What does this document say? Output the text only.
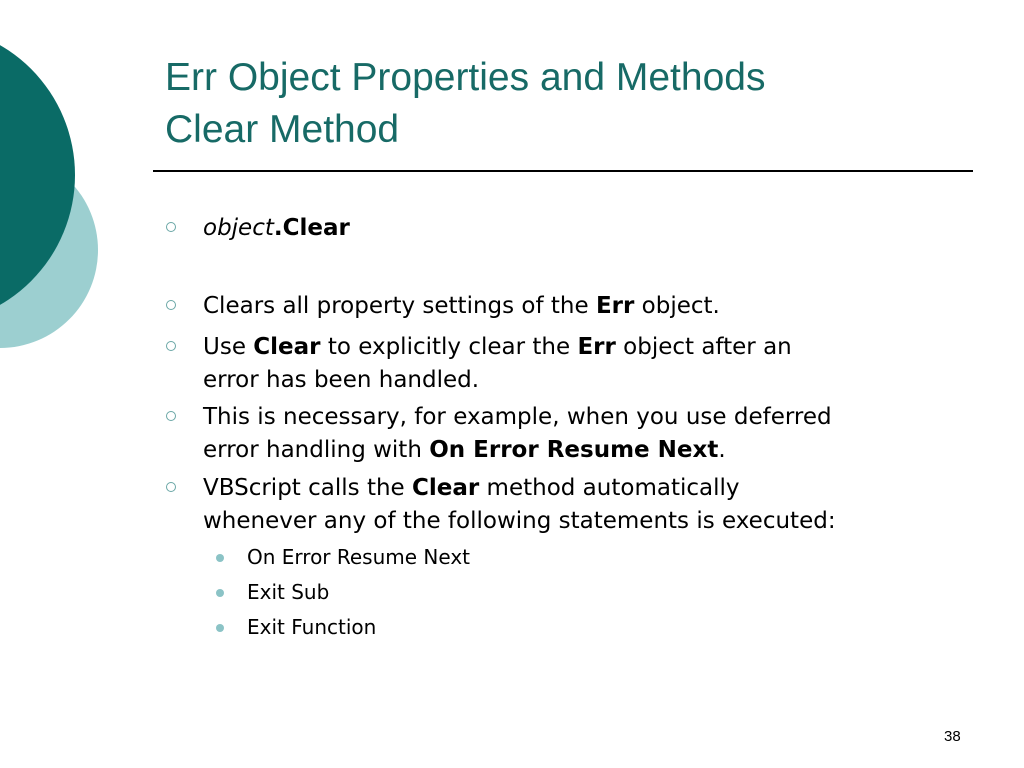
Err Object Properties and Methods
Clear Method
object.Clear
Clears all property settings of the Err object.
Use Clear to explicitly clear the Err object after an
error has been handled.
This is necessary, for example, when you use deferred
error handling with On Error Resume Next.
VBScript calls the Clear method automatically
whenever any of the following statements is executed:
On Error Resume Next
Exit Sub
Exit Function
38
